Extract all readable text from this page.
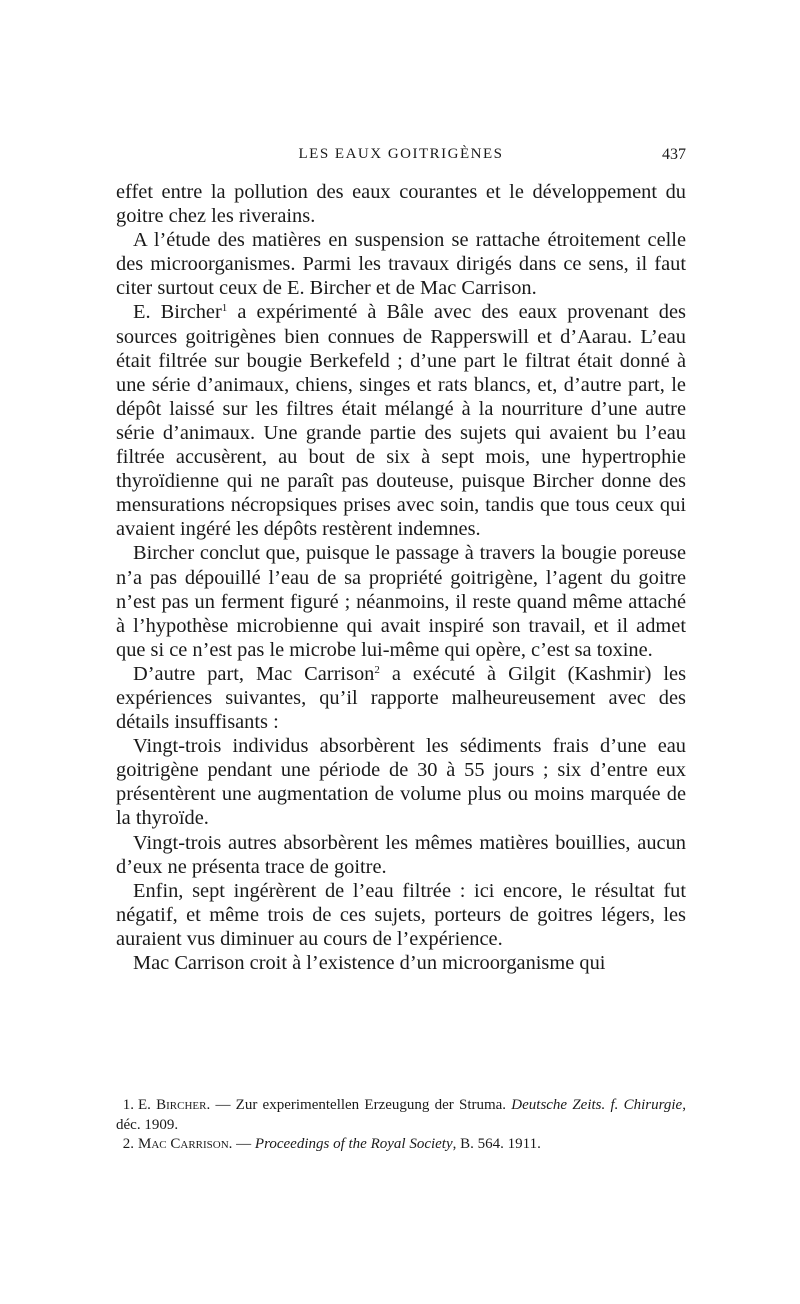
LES EAUX GOITRIGÈNES	437

effet entre la pollution des eaux courantes et le développement du goitre chez les riverains.

A l’étude des matières en suspension se rattache étroitement celle des microorganismes. Parmi les travaux dirigés dans ce sens, il faut citer surtout ceux de E. Bircher et de Mac Carrison.

E. Bircher$^1$ a expérimenté à Bâle avec des eaux provenant des sources goitrigènes bien connues de Rapperswill et d’Aarau. L’eau était filtrée sur bougie Berkefeld ; d’une part le filtrat était donné à une série d’animaux, chiens, singes et rats blancs, et, d’autre part, le dépôt laissé sur les filtres était mélangé à la nourriture d’une autre série d’animaux. Une grande partie des sujets qui avaient bu l’eau filtrée accusèrent, au bout de six à sept mois, une hypertrophie thyroïdienne qui ne paraît pas douteuse, puisque Bircher donne des mensurations nécropsiques prises avec soin, tandis que tous ceux qui avaient ingéré les dépôts restèrent indemnes.

Bircher conclut que, puisque le passage à travers la bougie poreuse n’a pas dépouillé l’eau de sa propriété goitrigène, l’agent du goitre n’est pas un ferment figuré ; néanmoins, il reste quand même attaché à l’hypothèse microbienne qui avait inspiré son travail, et il admet que si ce n’est pas le microbe lui-même qui opère, c’est sa toxine.

D’autre part, Mac Carrison$^2$ a exécuté à Gilgit (Kashmir) les expériences suivantes, qu’il rapporte malheureusement avec des détails insuffisants :

Vingt-trois individus absorbèrent les sédiments frais d’une eau goitrigène pendant une période de 30 à 55 jours ; six d’entre eux présentèrent une augmentation de volume plus ou moins marquée de la thyroïde.

Vingt-trois autres absorbèrent les mêmes matières bouillies, aucun d’eux ne présenta trace de goitre.

Enfin, sept ingérèrent de l’eau filtrée : ici encore, le résultat fut négatif, et même trois de ces sujets, porteurs de goitres légers, les auraient vus diminuer au cours de l’expérience.

Mac Carrison croit à l’existence d’un microorganisme qui

1. E. Bircher. — Zur experimentellen Erzeugung der Struma. Deutsche Zeits. f. Chirurgie, déc. 1909.

2. Mac Carrison. — Proceedings of the Royal Society, B. 564. 1911.
